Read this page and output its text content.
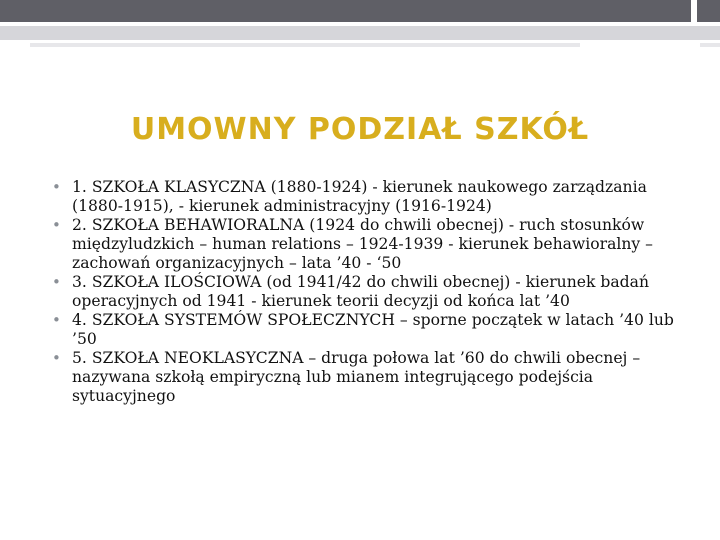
UMOWNY PODZIAŁ SZKÓŁ
• 1. SZKOŁA KLASYCZNA (1880-1924) - kierunek naukowego zarządzania (1880-1915), - kierunek administracyjny (1916-1924)
• 2. SZKOŁA BEHAWIORALNA (1924 do chwili obecnej) - ruch stosunków międzyludzkich – human relations – 1924-1939 - kierunek behawioralny – zachowań organizacyjnych – lata ’40 - ‘50
• 3. SZKOŁA ILOŚCIOWA (od 1941/42 do chwili obecnej) - kierunek badań operacyjnych od 1941 - kierunek teorii decyzji od końca lat ’40
• 4. SZKOŁA SYSTEMÓW SPOŁECZNYCH – sporne początek w latach ’40 lub ’50
• 5. SZKOŁA NEOKLASYCZNA – druga połowa lat ’60 do chwili obecnej – nazywana szkołą empiryczną lub mianem integrującego podejścia sytuacyjnego
